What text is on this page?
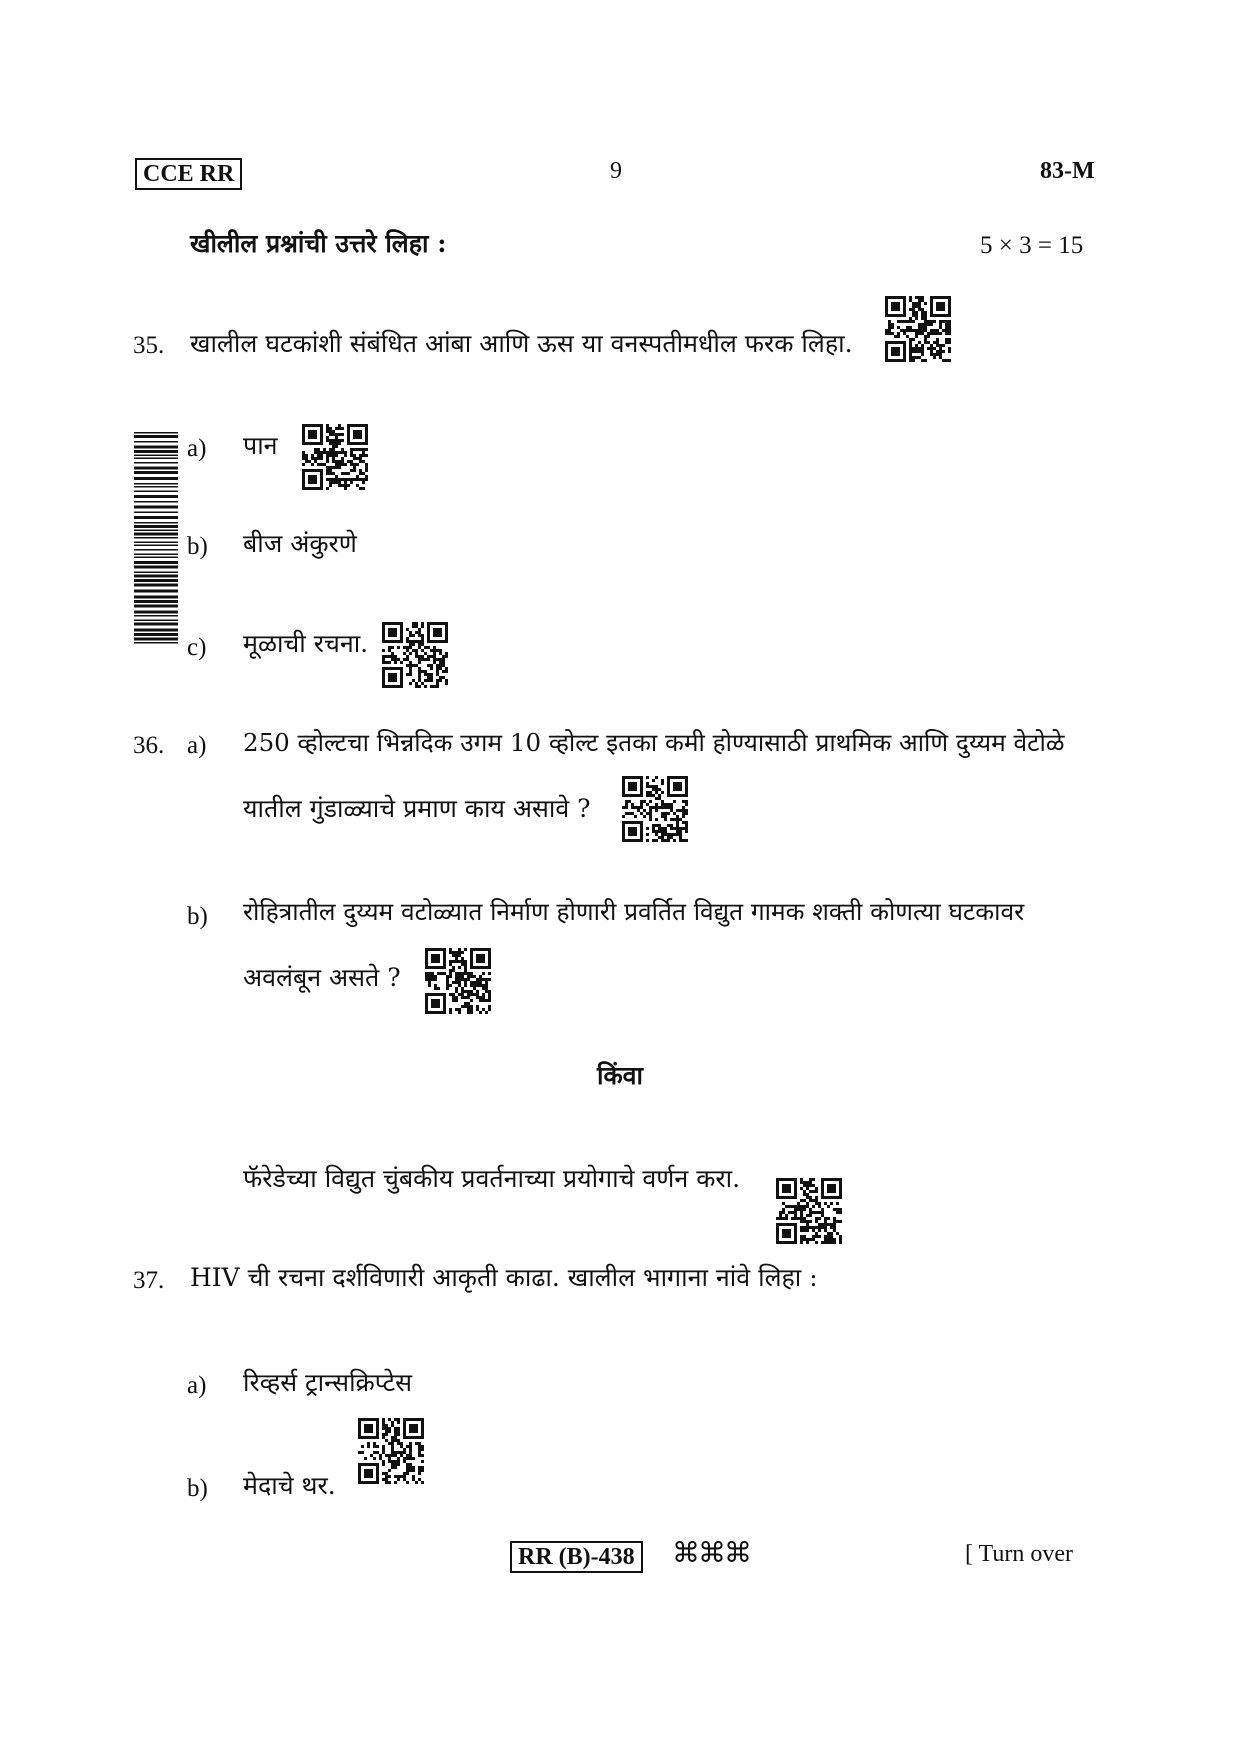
CCE RR	9	83-M
खीलील प्रश्नांची उत्तरे लिहा :	5 × 3 = 15
35. खालील घटकांशी संबंधित आंबा आणि ऊस या वनस्पतीमधील फरक लिहा.
a) पान
b) बीज अंकुरणे
c) मूळाची रचना.
36. a) 250 व्होल्टचा भिन्नदिक उगम 10 व्होल्ट इतका कमी होण्यासाठी प्राथमिक आणि दुय्यम वेटोळे
यातील गुंडाळ्याचे प्रमाण काय असावे ?
b) रोहित्रातील दुय्यम वटोळ्यात निर्माण होणारी प्रवर्तित विद्युत गामक शक्ती कोणत्या घटकावर
अवलंबून असते ?
किंवा
फॅरेडेच्या विद्युत चुंबकीय प्रवर्तनाच्या प्रयोगाचे वर्णन करा.
37. HIV ची रचना दर्शविणारी आकृती काढा. खालील भागाना नांवे लिहा :
a) रिव्हर्स ट्रान्सक्रिप्टेस
b) मेदाचे थर.
RR (B)-438 ⌘⌘⌘	[ Turn over
